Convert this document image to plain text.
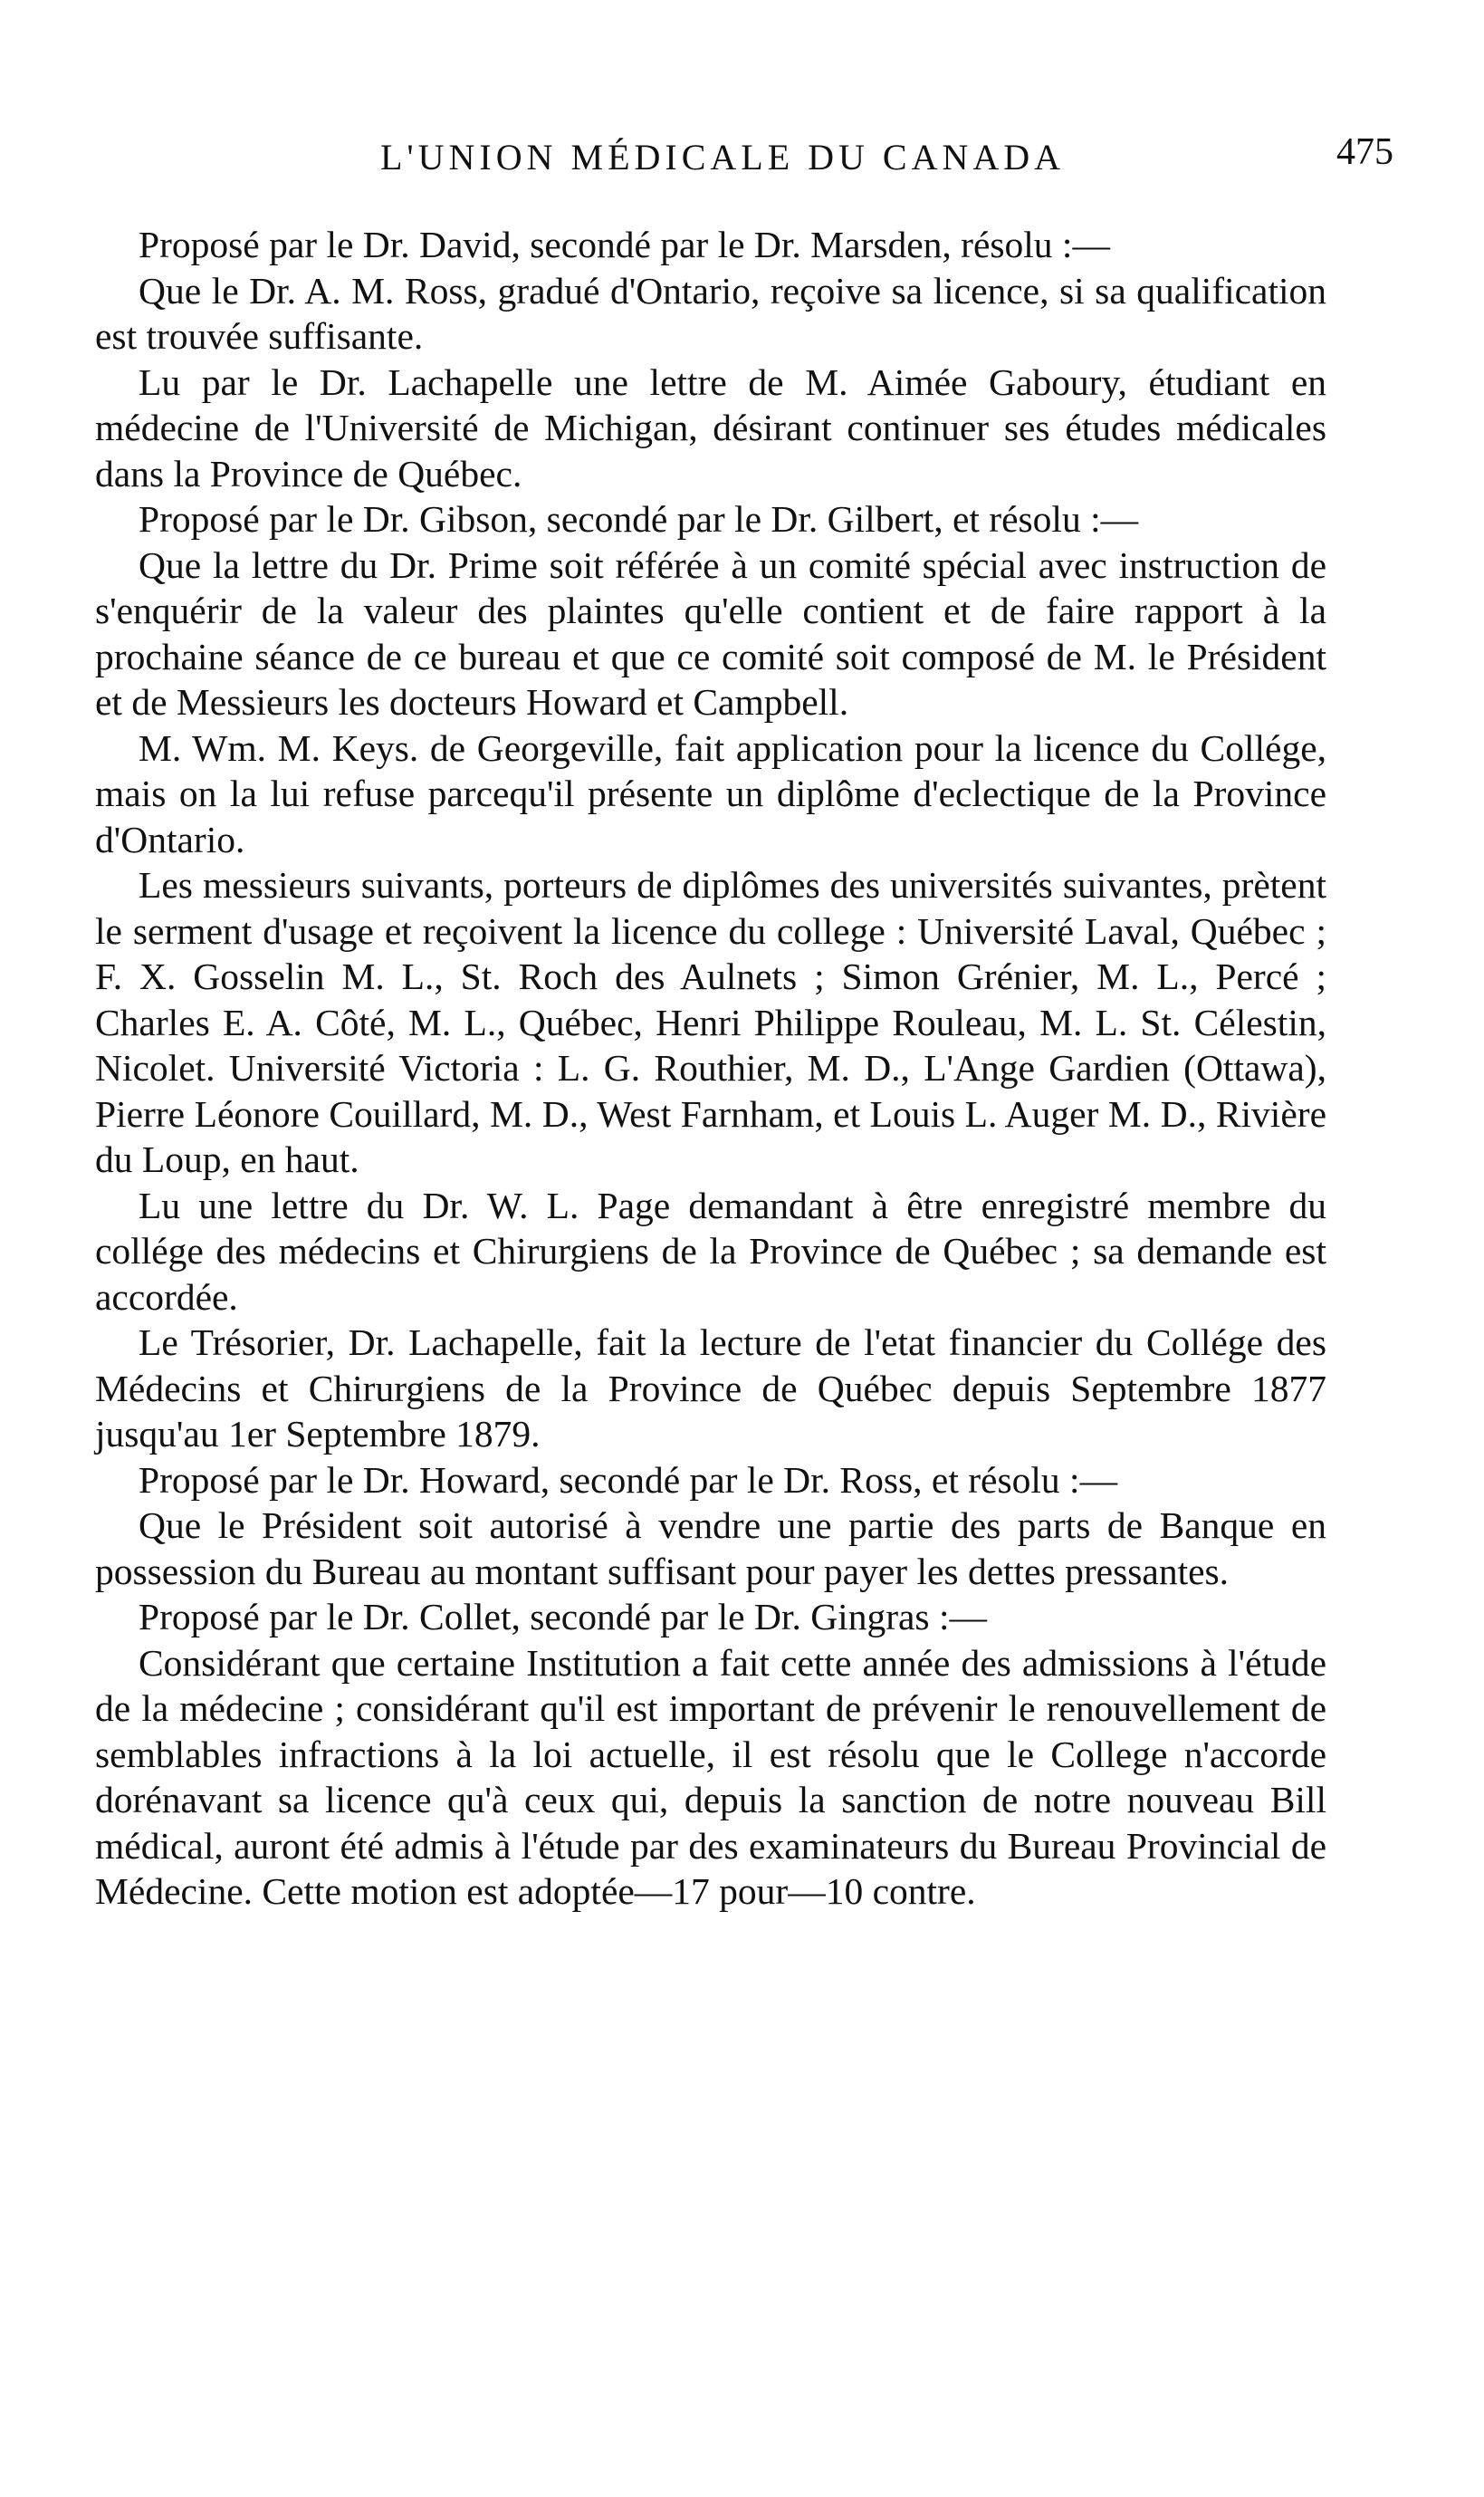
L'UNION MÉDICALE DU CANADA	475

Proposé par le Dr. David, secondé par le Dr. Marsden, résolu :—

Que le Dr. A. M. Ross, gradué d'Ontario, reçoive sa licence, si sa qualification est trouvée suffisante.

Lu par le Dr. Lachapelle une lettre de M. Aimée Gaboury, étudiant en médecine de l'Université de Michigan, désirant continuer ses études médicales dans la Province de Québec.

Proposé par le Dr. Gibson, secondé par le Dr. Gilbert, et résolu :—

Que la lettre du Dr. Prime soit référée à un comité spécial avec instruction de s'enquérir de la valeur des plaintes qu'elle contient et de faire rapport à la prochaine séance de ce bureau et que ce comité soit composé de M. le Président et de Messieurs les docteurs Howard et Campbell.

M. Wm. M. Keys. de Georgeville, fait application pour la licence du Collége, mais on la lui refuse parcequ'il présente un diplôme d'eclectique de la Province d'Ontario.

Les messieurs suivants, porteurs de diplômes des universités suivantes, prètent le serment d'usage et reçoivent la licence du college : Université Laval, Québec ; F. X. Gosselin M. L., St. Roch des Aulnets ; Simon Grénier, M. L., Percé ; Charles E. A. Côté, M. L., Québec, Henri Philippe Rouleau, M. L. St. Célestin, Nicolet. Université Victoria : L. G. Routhier, M. D., L'Ange Gardien (Ottawa), Pierre Léonore Couillard, M. D., West Farnham, et Louis L. Auger M. D., Rivière du Loup, en haut.

Lu une lettre du Dr. W. L. Page demandant à être enregistré membre du collége des médecins et Chirurgiens de la Province de Québec ; sa demande est accordée.

Le Trésorier, Dr. Lachapelle, fait la lecture de l'etat financier du Collége des Médecins et Chirurgiens de la Province de Québec depuis Septembre 1877 jusqu'au 1er Septembre 1879.

Proposé par le Dr. Howard, secondé par le Dr. Ross, et résolu :—

Que le Président soit autorisé à vendre une partie des parts de Banque en possession du Bureau au montant suffisant pour payer les dettes pressantes.

Proposé par le Dr. Collet, secondé par le Dr. Gingras :—

Considérant que certaine Institution a fait cette année des admissions à l'étude de la médecine ; considérant qu'il est important de prévenir le renouvellement de semblables infractions à la loi actuelle, il est résolu que le College n'accorde dorénavant sa licence qu'à ceux qui, depuis la sanction de notre nouveau Bill médical, auront été admis à l'étude par des examinateurs du Bureau Provincial de Médecine. Cette motion est adoptée—17 pour—10 contre.
